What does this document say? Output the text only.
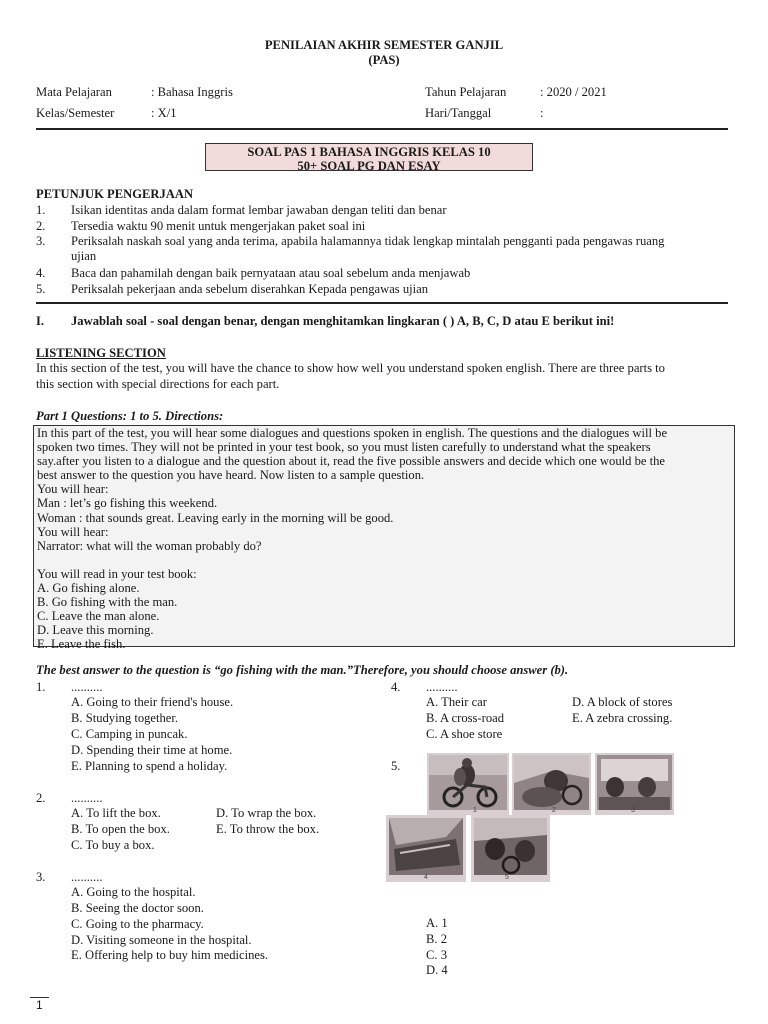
PENILAIAN AKHIR SEMESTER GANJIL
(PAS)
Mata Pelajaran	: Bahasa Inggris	Tahun Pelajaran	: 2020 / 2021
Kelas/Semester	: X/1	Hari/Tanggal	:
SOAL PAS 1 BAHASA INGGRIS KELAS 10
50+ SOAL PG DAN ESAY
PETUNJUK PENGERJAAN
1. Isikan identitas anda dalam format lembar jawaban dengan teliti dan benar
2. Tersedia waktu 90 menit untuk mengerjakan paket soal ini
3. Periksalah naskah soal yang anda terima, apabila halamannya tidak lengkap mintalah pengganti pada pengawas ruang
ujian
4. Baca dan pahamilah dengan baik pernyataan atau soal sebelum anda menjawab
5. Periksalah pekerjaan anda sebelum diserahkan Kepada pengawas ujian
I. Jawablah soal - soal dengan benar, dengan menghitamkan lingkaran ( ) A, B, C, D atau E berikut ini!
LISTENING SECTION
In this section of the test, you will have the chance to show how well you understand spoken english. There are three parts to
this section with special directions for each part.
Part 1 Questions: 1 to 5. Directions:
In this part of the test, you will hear some dialogues and questions spoken in english. The questions and the dialogues will be
spoken two times. They will not be printed in your test book, so you must listen carefully to understand what the speakers
say.after you listen to a dialogue and the question about it, read the five possible answers and decide which one would be the
best answer to the question you have heard. Now listen to a sample question.
You will hear:
Man : let’s go fishing this weekend.
Woman : that sounds great. Leaving early in the morning will be good.
You will hear:
Narrator: what will the woman probably do?
You will read in your test book:
A. Go fishing alone.
B. Go fishing with the man.
C. Leave the man alone.
D. Leave this morning.
E. Leave the fish.
The best answer to the question is “go fishing with the man.”Therefore, you should choose answer (b).
1. ..........
A. Going to their friend's house.
B. Studying together.
C. Camping in puncak.
D. Spending their time at home.
E. Planning to spend a holiday.
2. ..........
A. To lift the box.	D. To wrap the box.
B. To open the box.	E. To throw the box.
C. To buy a box.
3. ..........
A. Going to the hospital.
B. Seeing the doctor soon.
C. Going to the pharmacy.
D. Visiting someone in the hospital.
E. Offering help to buy him medicines.
4. ..........
A. Their car	D. A block of stores
B. A cross-road	E. A zebra crossing.
C. A shoe store
5.
1	2	3
4	5
A. 1
B. 2
C. 3
D. 4
1
